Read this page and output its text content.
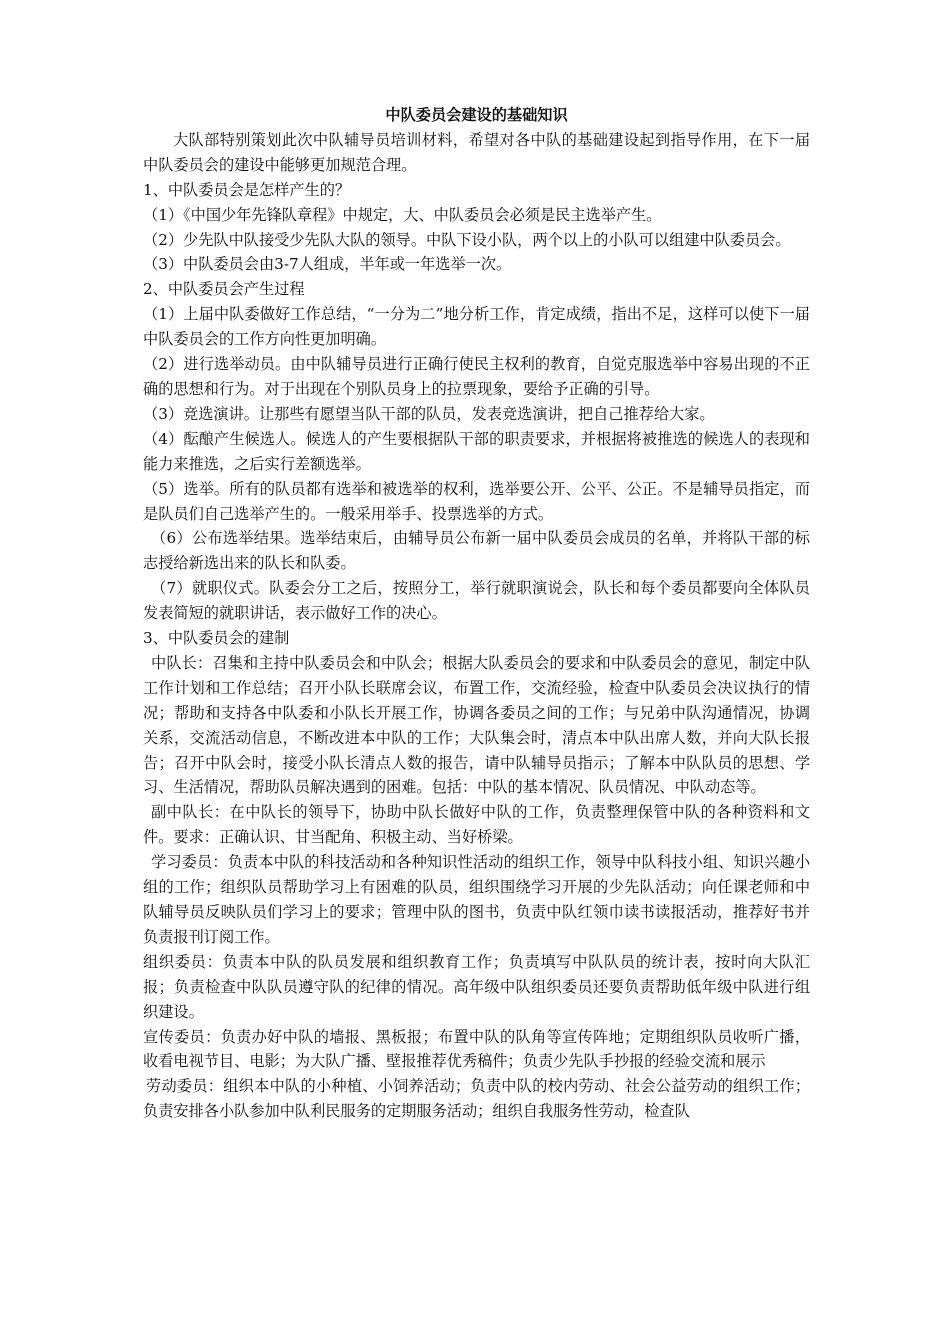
中队委员会建设的基础知识

大队部特别策划此次中队辅导员培训材料，希望对各中队的基础建设起到指导作用，在下一届中队委员会的建设中能够更加规范合理。

1、中队委员会是怎样产生的？

（1）《中国少年先锋队章程》中规定，大、中队委员会必须是民主选举产生。

（2）少先队中队接受少先队大队的领导。中队下设小队，两个以上的小队可以组建中队委员会。

（3）中队委员会由3-7人组成，半年或一年选举一次。

2、中队委员会产生过程

（1）上届中队委做好工作总结，“一分为二”地分析工作，肯定成绩，指出不足，这样可以使下一届中队委员会的工作方向性更加明确。

（2）进行选举动员。由中队辅导员进行正确行使民主权利的教育，自觉克服选举中容易出现的不正确的思想和行为。对于出现在个别队员身上的拉票现象，要给予正确的引导。

（3）竞选演讲。让那些有愿望当队干部的队员，发表竞选演讲，把自己推荐给大家。

（4）酝酿产生候选人。候选人的产生要根据队干部的职责要求，并根据将被推选的候选人的表现和能力来推选，之后实行差额选举。

（5）选举。所有的队员都有选举和被选举的权利，选举要公开、公平、公正。不是辅导员指定，而是队员们自己选举产生的。一般采用举手、投票选举的方式。

（6）公布选举结果。选举结束后，由辅导员公布新一届中队委员会成员的名单，并将队干部的标志授给新选出来的队长和队委。

（7）就职仪式。队委会分工之后，按照分工，举行就职演说会，队长和每个委员都要向全体队员发表简短的就职讲话，表示做好工作的决心。

3、中队委员会的建制

中队长：召集和主持中队委员会和中队会；根据大队委员会的要求和中队委员会的意见，制定中队工作计划和工作总结；召开小队长联席会议，布置工作，交流经验，检查中队委员会决议执行的情况；帮助和支持各中队委和小队长开展工作，协调各委员之间的工作；与兄弟中队沟通情况，协调关系，交流活动信息，不断改进本中队的工作；大队集会时，清点本中队出席人数，并向大队长报告；召开中队会时，接受小队长清点人数的报告，请中队辅导员指示；了解本中队队员的思想、学习、生活情况，帮助队员解决遇到的困难。包括：中队的基本情况、队员情况、中队动态等。

副中队长：在中队长的领导下，协助中队长做好中队的工作，负责整理保管中队的各种资料和文件。要求：正确认识、甘当配角、积极主动、当好桥梁。

学习委员：负责本中队的科技活动和各种知识性活动的组织工作，领导中队科技小组、知识兴趣小组的工作；组织队员帮助学习上有困难的队员，组织围绕学习开展的少先队活动；向任课老师和中队辅导员反映队员们学习上的要求；管理中队的图书，负责中队红领巾读书读报活动，推荐好书并负责报刊订阅工作。

组织委员：负责本中队的队员发展和组织教育工作；负责填写中队队员的统计表，按时向大队汇报；负责检查中队队员遵守队的纪律的情况。高年级中队组织委员还要负责帮助低年级中队进行组织建设。

宣传委员：负责办好中队的墙报、黑板报；布置中队的队角等宣传阵地；定期组织队员收听广播，收看电视节目、电影；为大队广播、壁报推荐优秀稿件；负责少先队手抄报的经验交流和展示

劳动委员：组织本中队的小种植、小饲养活动；负责中队的校内劳动、社会公益劳动的组织工作；负责安排各小队参加中队利民服务的定期服务活动；组织自我服务性劳动，检查队
